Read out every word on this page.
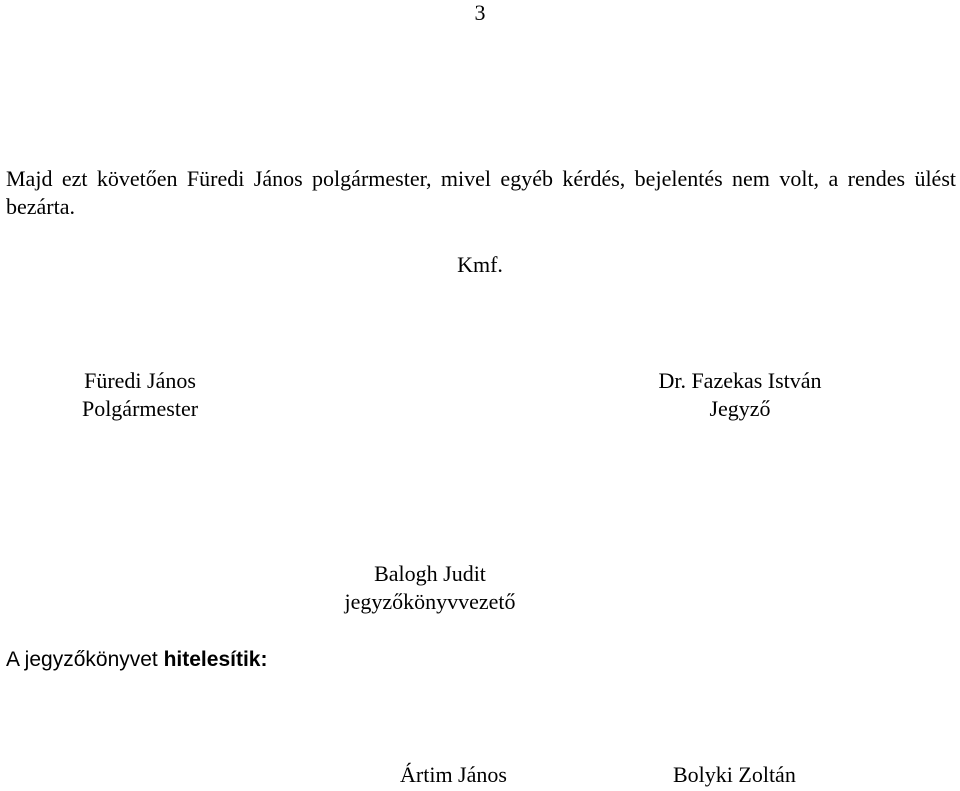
3
Majd ezt követően Füredi János polgármester, mivel egyéb kérdés, bejelentés nem volt, a rendes ülést bezárta.
Kmf.
Füredi János
Polgármester
Dr. Fazekas István
Jegyző
Balogh Judit
jegyzőkönyvvezető
A jegyzőkönyvet hitelesítik:
Ártim János	Bolyki Zoltán
